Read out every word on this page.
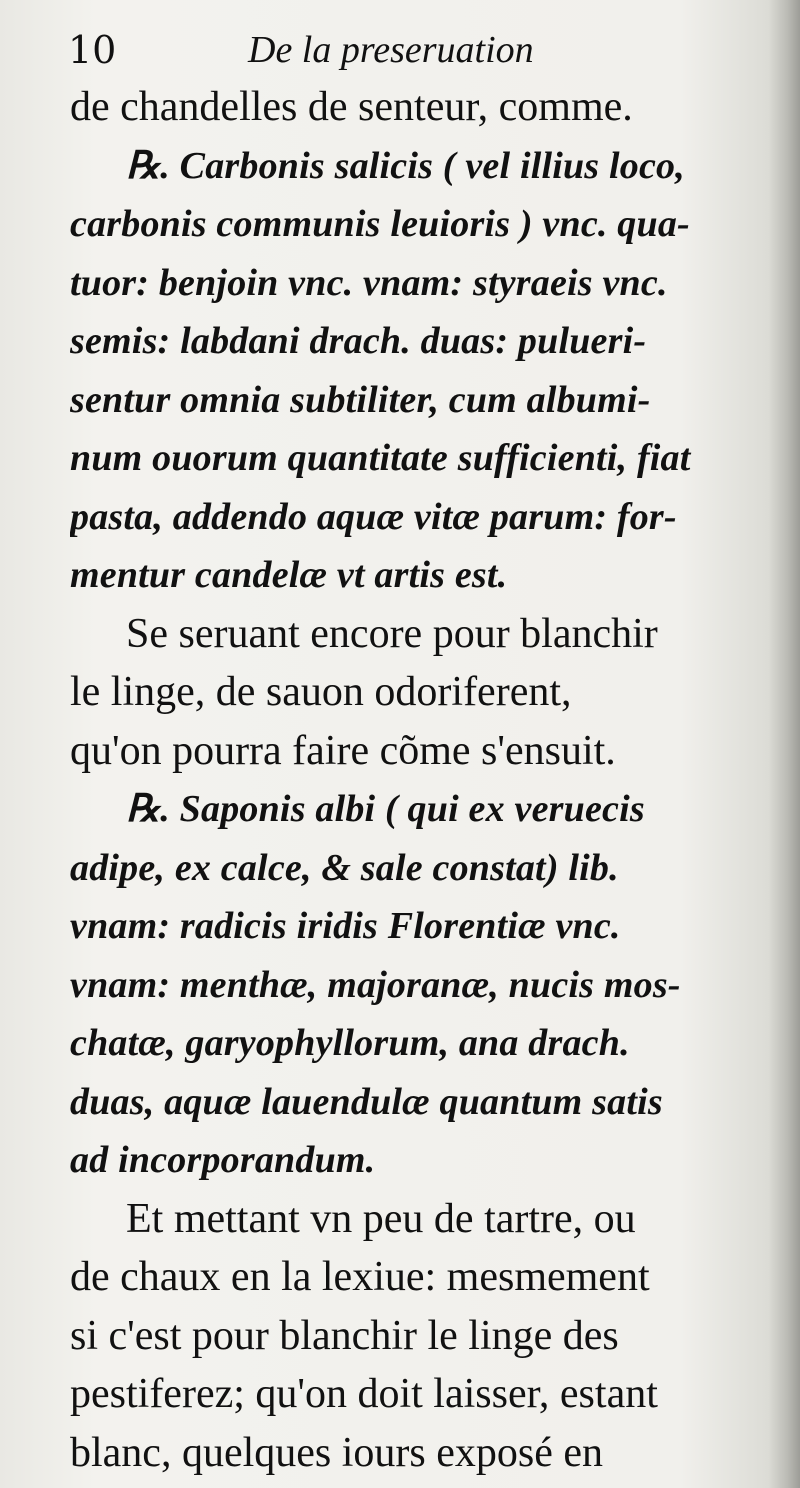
10	De la preseruation
de chandelles de senteur, comme.
℞. Carbonis salicis ( vel illius loco,
carbonis communis leuioris ) vnc. qua-
tuor: benjoin vnc. vnam: styraeis vnc.
semis: labdani drach. duas: pulueri-
sentur omnia subtiliter, cum albumi-
num ouorum quantitate sufficienti, fiat
pasta, addendo aquæ vitæ parum: for-
mentur candelæ vt artis est.
Se seruant encore pour blanchir
le linge, de sauon odoriferent,
qu'on pourra faire cõme s'ensuit.
℞. Saponis albi ( qui ex veruecis
adipe, ex calce, & sale constat) lib.
vnam: radicis iridis Florentiæ vnc.
vnam: menthæ, majoranæ, nucis mos-
chatæ, garyophyllorum, ana drach.
duas, aquæ lauendulæ quantum satis
ad incorporandum.
Et mettant vn peu de tartre, ou
de chaux en la lexiue: mesmement
si c'est pour blanchir le linge des
pestiferez; qu'on doit laisser, estant
blanc, quelques iours exposé en
